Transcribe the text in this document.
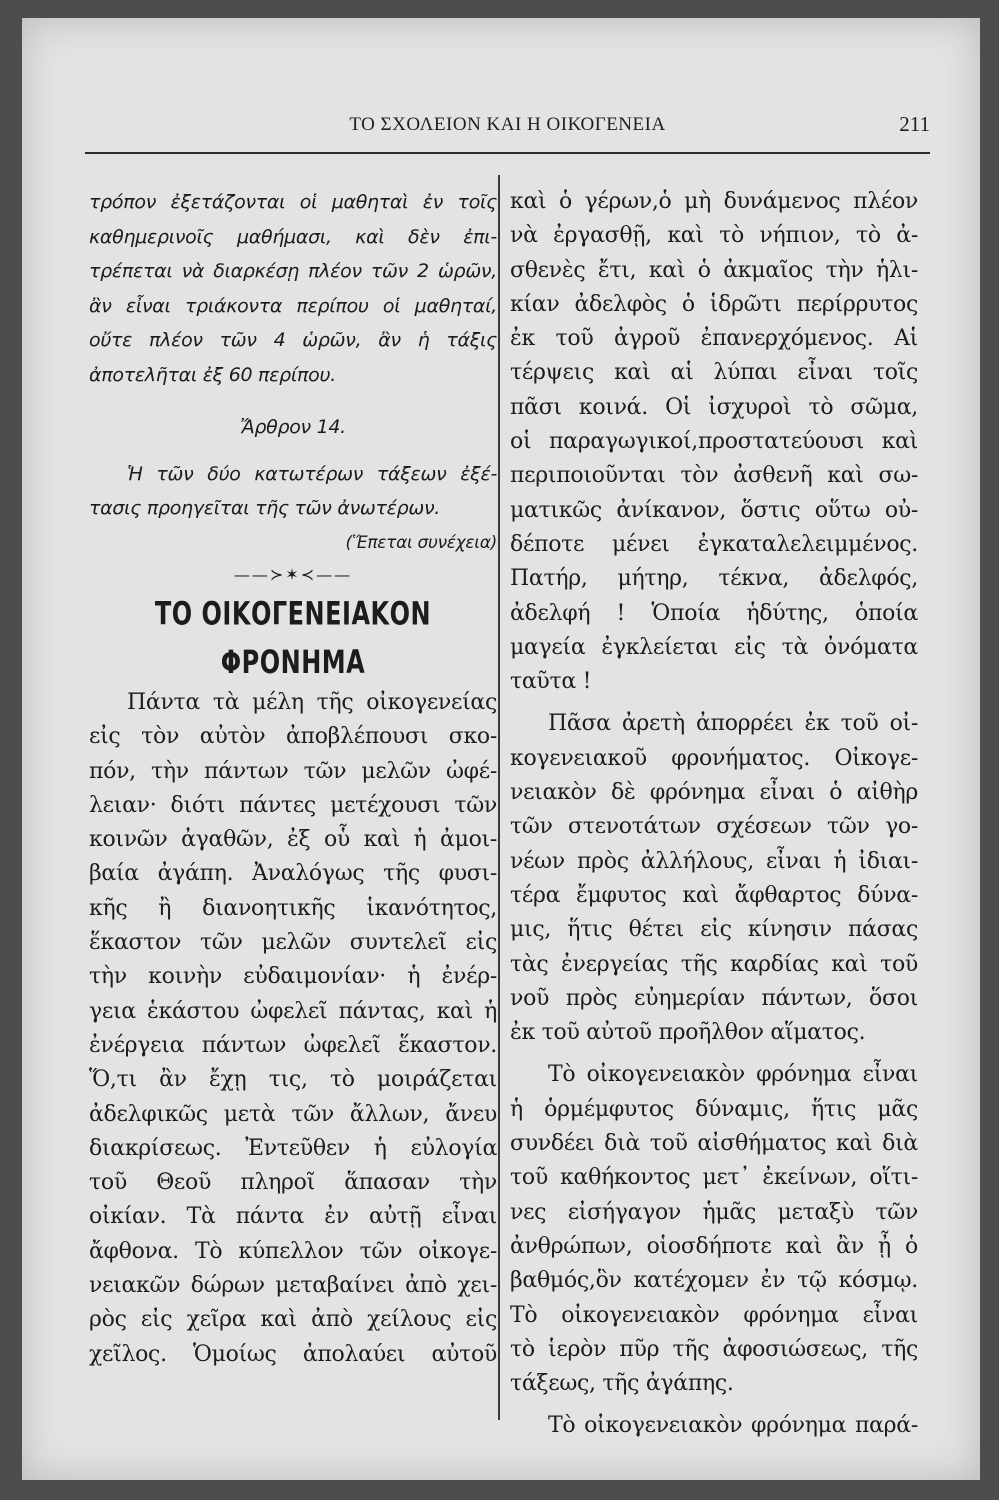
ΤΟ ΣΧΟΛΕΙΟΝ ΚΑΙ Η ΟΙΚΟΓΕΝΕΙΑ	211
τρόπον ἐξετάζονται οἱ μαθηταὶ ἐν τοῖς
καθημερινοῖς μαθήμασι, καὶ δὲν ἐπι-
τρέπεται νὰ διαρκέσῃ πλέον τῶν 2 ὡρῶν,
ἂν εἶναι τριάκοντα περίπου οἱ μαθηταί,
οὔτε πλέον τῶν 4 ὡρῶν, ἂν ἡ τάξις
ἀποτελῆται ἐξ 60 περίπου.
Ἄρθρον 14.
Ἡ τῶν δύο κατωτέρων τάξεων ἐξέ-
τασις προηγεῖται τῆς τῶν ἀνωτέρων.
(Ἕπεται συνέχεια)
——≻✶≺——
ΤΟ ΟΙΚΟΓΕΝΕΙΑΚΟΝ ΦΡΟΝΗΜΑ
Πάντα τὰ μέλη τῆς οἰκογενείας
εἰς τὸν αὐτὸν ἀποβλέπουσι σκο-
πόν, τὴν πάντων τῶν μελῶν ὠφέ-
λειαν· διότι πάντες μετέχουσι τῶν
κοινῶν ἀγαθῶν, ἐξ οὗ καὶ ἡ ἀμοι-
βαία ἀγάπη. Ἀναλόγως τῆς φυσι-
κῆς ἢ διανοητικῆς ἱκανότητος,
ἕκαστον τῶν μελῶν συντελεῖ εἰς
τὴν κοινὴν εὐδαιμονίαν· ἡ ἐνέρ-
γεια ἑκάστου ὠφελεῖ πάντας, καὶ ἡ
ἐνέργεια πάντων ὠφελεῖ ἕκαστον.
Ὅ,τι ἂν ἔχῃ τις, τὸ μοιράζεται
ἀδελφικῶς μετὰ τῶν ἄλλων, ἄνευ
διακρίσεως. Ἐντεῦθεν ἡ εὐλογία
τοῦ Θεοῦ πληροῖ ἅπασαν τὴν
οἰκίαν. Τὰ πάντα ἐν αὐτῇ εἶναι
ἄφθονα. Τὸ κύπελλον τῶν οἰκογε-
νειακῶν δώρων μεταβαίνει ἀπὸ χει-
ρὸς εἰς χεῖρα καὶ ἀπὸ χείλους εἰς
χεῖλος. Ὁμοίως ἀπολαύει αὐτοῦ
καὶ ὁ γέρων,ὁ μὴ δυνάμενος πλέον
νὰ ἐργασθῇ, καὶ τὸ νήπιον, τὸ ἀ-
σθενὲς ἔτι, καὶ ὁ ἀκμαῖος τὴν ἡλι-
κίαν ἀδελφὸς ὁ ἱδρῶτι περίρρυτος
ἐκ τοῦ ἀγροῦ ἐπανερχόμενος. Αἱ
τέρψεις καὶ αἱ λύπαι εἶναι τοῖς
πᾶσι κοινά. Οἱ ἰσχυροὶ τὸ σῶμα,
οἱ παραγωγικοί,προστατεύουσι καὶ
περιποιοῦνται τὸν ἀσθενῆ καὶ σω-
ματικῶς ἀνίκανον, ὅστις οὕτω οὐ-
δέποτε μένει ἐγκαταλελειμμένος.
Πατήρ, μήτηρ, τέκνα, ἀδελφός,
ἀδελφή ! Ὁποία ἡδύτης, ὁποία
μαγεία ἐγκλείεται εἰς τὰ ὀνόματα
ταῦτα !
Πᾶσα ἀρετὴ ἀπορρέει ἐκ τοῦ οἰ-
κογενειακοῦ φρονήματος. Οἰκογε-
νειακὸν δὲ φρόνημα εἶναι ὁ αἰθὴρ
τῶν στενοτάτων σχέσεων τῶν γο-
νέων πρὸς ἀλλήλους, εἶναι ἡ ἰδιαι-
τέρα ἔμφυτος καὶ ἄφθαρτος δύνα-
μις, ἥτις θέτει εἰς κίνησιν πάσας
τὰς ἐνεργείας τῆς καρδίας καὶ τοῦ
νοῦ πρὸς εὐημερίαν πάντων, ὅσοι
ἐκ τοῦ αὐτοῦ προῆλθον αἵματος.
Τὸ οἰκογενειακὸν φρόνημα εἶναι
ἡ ὁρμέμφυτος δύναμις, ἥτις μᾶς
συνδέει διὰ τοῦ αἰσθήματος καὶ διὰ
τοῦ καθήκοντος μετ᾽ ἐκείνων, οἵτι-
νες εἰσήγαγον ἡμᾶς μεταξὺ τῶν
ἀνθρώπων, οἱοσδήποτε καὶ ἂν ᾖ ὁ
βαθμός,ὃν κατέχομεν ἐν τῷ κόσμῳ.
Τὸ οἰκογενειακὸν φρόνημα εἶναι
τὸ ἱερὸν πῦρ τῆς ἀφοσιώσεως, τῆς
τάξεως, τῆς ἀγάπης.
Τὸ οἰκογενειακὸν φρόνημα παρά-
